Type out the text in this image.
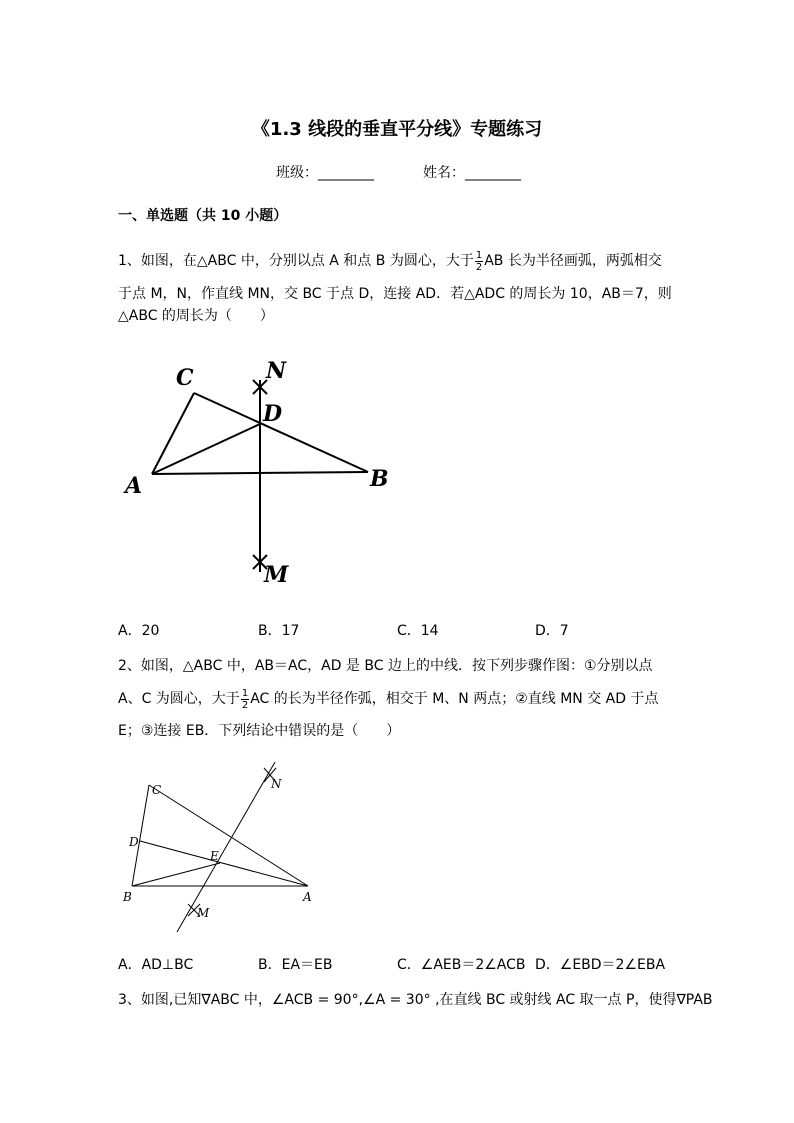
《1.3 线段的垂直平分线》专题练习
班级：________	姓名：________
一、单选题（共 10 小题）
1、如图，在△ABC 中，分别以点 A 和点 B 为圆心，大于 $\frac{1}{2}$ AB 长为半径画弧，两弧相交
于点 M，N，作直线 MN，交 BC 于点 D，连接 AD．若△ADC 的周长为 10，AB＝7，则
△ABC 的周长为（　　）
C	N
D
A	B
M
A．20	B．17	C．14	D．7
2、如图，△ABC 中，AB＝AC，AD 是 BC 边上的中线．按下列步骤作图：①分别以点
A、C 为圆心，大于 $\frac{1}{2}$ AC 的长为半径作弧，相交于 M、N 两点；②直线 MN 交 AD 于点
E；③连接 EB．下列结论中错误的是（　　）
C	N
D
E
B	A
M
A．AD⊥BC	B．EA＝EB	C．∠AEB＝2∠ACB D．∠EBD＝2∠EBA
3、如图,已知∇ABC 中，∠ACB = 90°,∠A = 30° ,在直线 BC 或射线 AC 取一点 P，使得∇PAB
